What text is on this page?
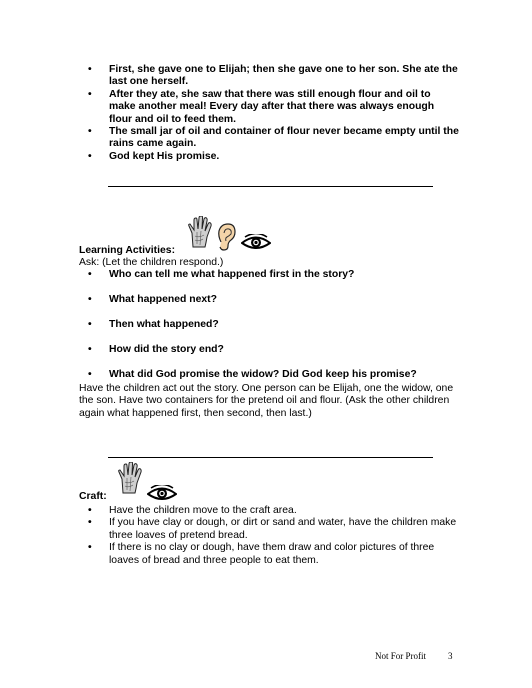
• First, she gave one to Elijah; then she gave one to her son. She ate the last one herself.
• After they ate, she saw that there was still enough flour and oil to make another meal! Every day after that there was always enough flour and oil to feed them.
• The small jar of oil and container of flour never became empty until the rains came again.
• God kept His promise.
Learning Activities:
Ask: (Let the children respond.)
• Who can tell me what happened first in the story?
• What happened next?
• Then what happened?
• How did the story end?
• What did God promise the widow? Did God keep his promise?
Have the children act out the story. One person can be Elijah, one the widow, one the son. Have two containers for the pretend oil and flour. (Ask the other children again what happened first, then second, then last.)
Craft:
• Have the children move to the craft area.
• If you have clay or dough, or dirt or sand and water, have the children make three loaves of pretend bread.
• If there is no clay or dough, have them draw and color pictures of three loaves of bread and three people to eat them.
Not For Profit 3
